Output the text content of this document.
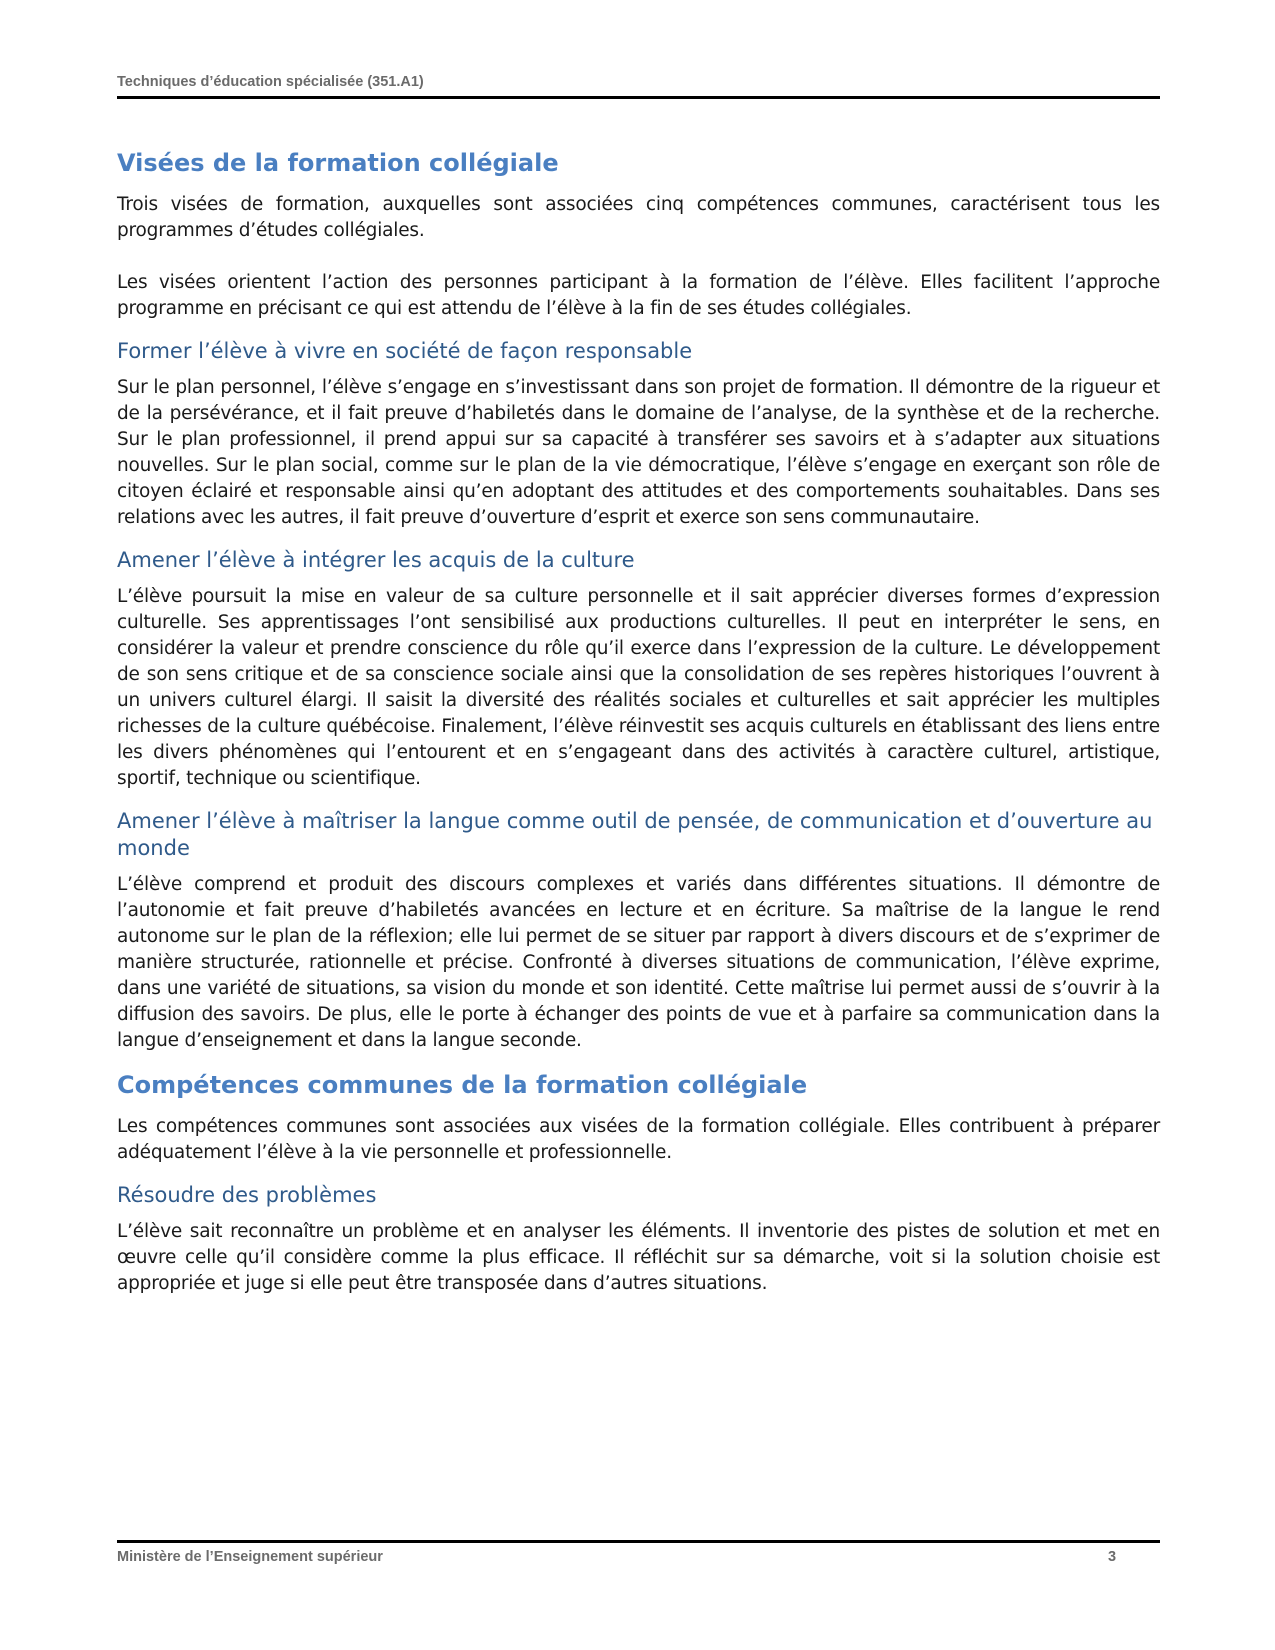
Techniques d’éducation spécialisée (351.A1)
Visées de la formation collégiale

Trois visées de formation, auxquelles sont associées cinq compétences communes, caractérisent tous les programmes d’études collégiales.

Les visées orientent l’action des personnes participant à la formation de l’élève. Elles facilitent l’approche programme en précisant ce qui est attendu de l’élève à la fin de ses études collégiales.

Former l’élève à vivre en société de façon responsable

Sur le plan personnel, l’élève s’engage en s’investissant dans son projet de formation. Il démontre de la rigueur et de la persévérance, et il fait preuve d’habiletés dans le domaine de l’analyse, de la synthèse et de la recherche. Sur le plan professionnel, il prend appui sur sa capacité à transférer ses savoirs et à s’adapter aux situations nouvelles. Sur le plan social, comme sur le plan de la vie démocratique, l’élève s’engage en exerçant son rôle de citoyen éclairé et responsable ainsi qu’en adoptant des attitudes et des comportements souhaitables. Dans ses relations avec les autres, il fait preuve d’ouverture d’esprit et exerce son sens communautaire.

Amener l’élève à intégrer les acquis de la culture

L’élève poursuit la mise en valeur de sa culture personnelle et il sait apprécier diverses formes d’expression culturelle. Ses apprentissages l’ont sensibilisé aux productions culturelles. Il peut en interpréter le sens, en considérer la valeur et prendre conscience du rôle qu’il exerce dans l’expression de la culture. Le développement de son sens critique et de sa conscience sociale ainsi que la consolidation de ses repères historiques l’ouvrent à un univers culturel élargi. Il saisit la diversité des réalités sociales et culturelles et sait apprécier les multiples richesses de la culture québécoise. Finalement, l’élève réinvestit ses acquis culturels en établissant des liens entre les divers phénomènes qui l’entourent et en s’engageant dans des activités à caractère culturel, artistique, sportif, technique ou scientifique.

Amener l’élève à maîtriser la langue comme outil de pensée, de communication et d’ouverture au monde

L’élève comprend et produit des discours complexes et variés dans différentes situations. Il démontre de l’autonomie et fait preuve d’habiletés avancées en lecture et en écriture. Sa maîtrise de la langue le rend autonome sur le plan de la réflexion; elle lui permet de se situer par rapport à divers discours et de s’exprimer de manière structurée, rationnelle et précise. Confronté à diverses situations de communication, l’élève exprime, dans une variété de situations, sa vision du monde et son identité. Cette maîtrise lui permet aussi de s’ouvrir à la diffusion des savoirs. De plus, elle le porte à échanger des points de vue et à parfaire sa communication dans la langue d’enseignement et dans la langue seconde.

Compétences communes de la formation collégiale

Les compétences communes sont associées aux visées de la formation collégiale. Elles contribuent à préparer adéquatement l’élève à la vie personnelle et professionnelle.

Résoudre des problèmes

L’élève sait reconnaître un problème et en analyser les éléments. Il inventorie des pistes de solution et met en œuvre celle qu’il considère comme la plus efficace. Il réfléchit sur sa démarche, voit si la solution choisie est appropriée et juge si elle peut être transposée dans d’autres situations.

Ministère de l’Enseignement supérieur	3
